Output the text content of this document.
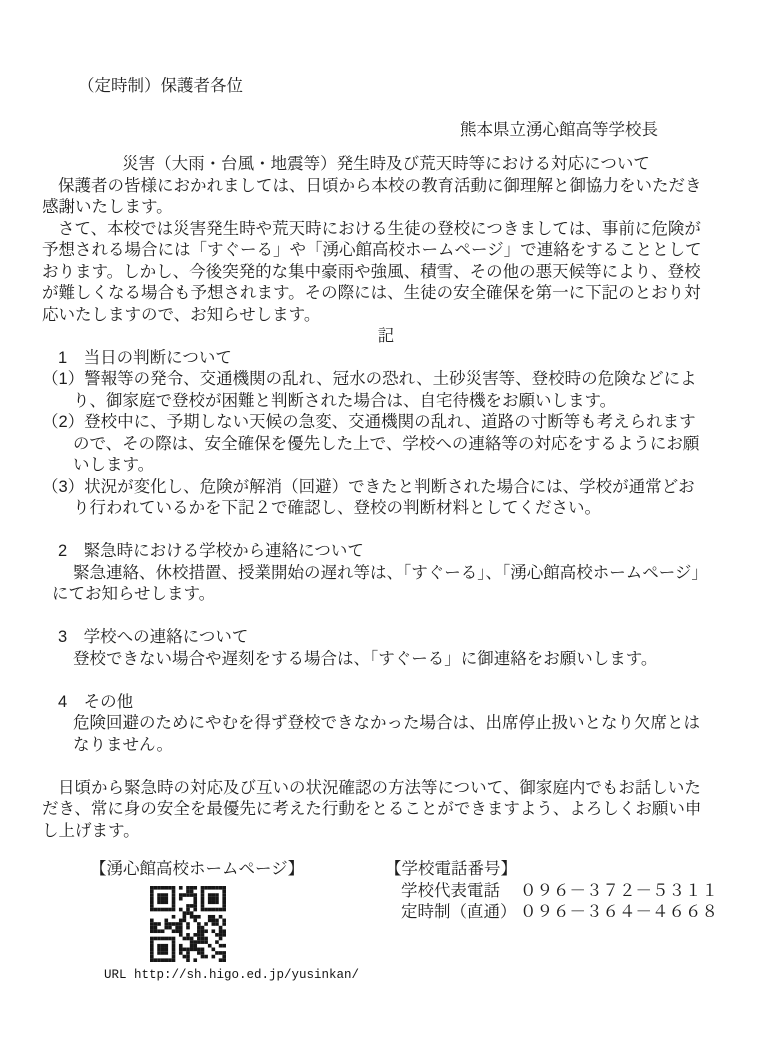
（定時制）保護者各位
熊本県立湧心館高等学校長
災害（大雨・台風・地震等）発生時及び荒天時等における対応について
保護者の皆様におかれましては、日頃から本校の教育活動に御理解と御協力をいただき
感謝いたします。
さて、本校では災害発生時や荒天時における生徒の登校につきましては、事前に危険が
予想される場合には「すぐーる」や「湧心館高校ホームページ」で連絡をすることとして
おります。しかし、今後突発的な集中豪雨や強風、積雪、その他の悪天候等により、登校
が難しくなる場合も予想されます。その際には、生徒の安全確保を第一に下記のとおり対
応いたしますので、お知らせします。
記
1　当日の判断について
（1）警報等の発令、交通機関の乱れ、冠水の恐れ、土砂災害等、登校時の危険などによ
り、御家庭で登校が困難と判断された場合は、自宅待機をお願いします。
（2）登校中に、予期しない天候の急変、交通機関の乱れ、道路の寸断等も考えられます
ので、その際は、安全確保を優先した上で、学校への連絡等の対応をするようにお願
いします。
（3）状況が変化し、危険が解消（回避）できたと判断された場合には、学校が通常どお
り行われているかを下記２で確認し、登校の判断材料としてください。
2　緊急時における学校から連絡について
緊急連絡、休校措置、授業開始の遅れ等は、「すぐーる」、「湧心館高校ホームページ」
にてお知らせします。
3　学校への連絡について
登校できない場合や遅刻をする場合は、「すぐーる」に御連絡をお願いします。
4　その他
危険回避のためにやむを得ず登校できなかった場合は、出席停止扱いとなり欠席とは
なりません。
日頃から緊急時の対応及び互いの状況確認の方法等について、御家庭内でもお話しいた
だき、常に身の安全を最優先に考えた行動をとることができますよう、よろしくお願い申
し上げます。
【湧心館高校ホームページ】
URL http://sh.higo.ed.jp/yusinkan/
【学校電話番号】
学校代表電話 ０９６－３７２－５３１１
定時制（直通） ０９６－３６４－４６６８
